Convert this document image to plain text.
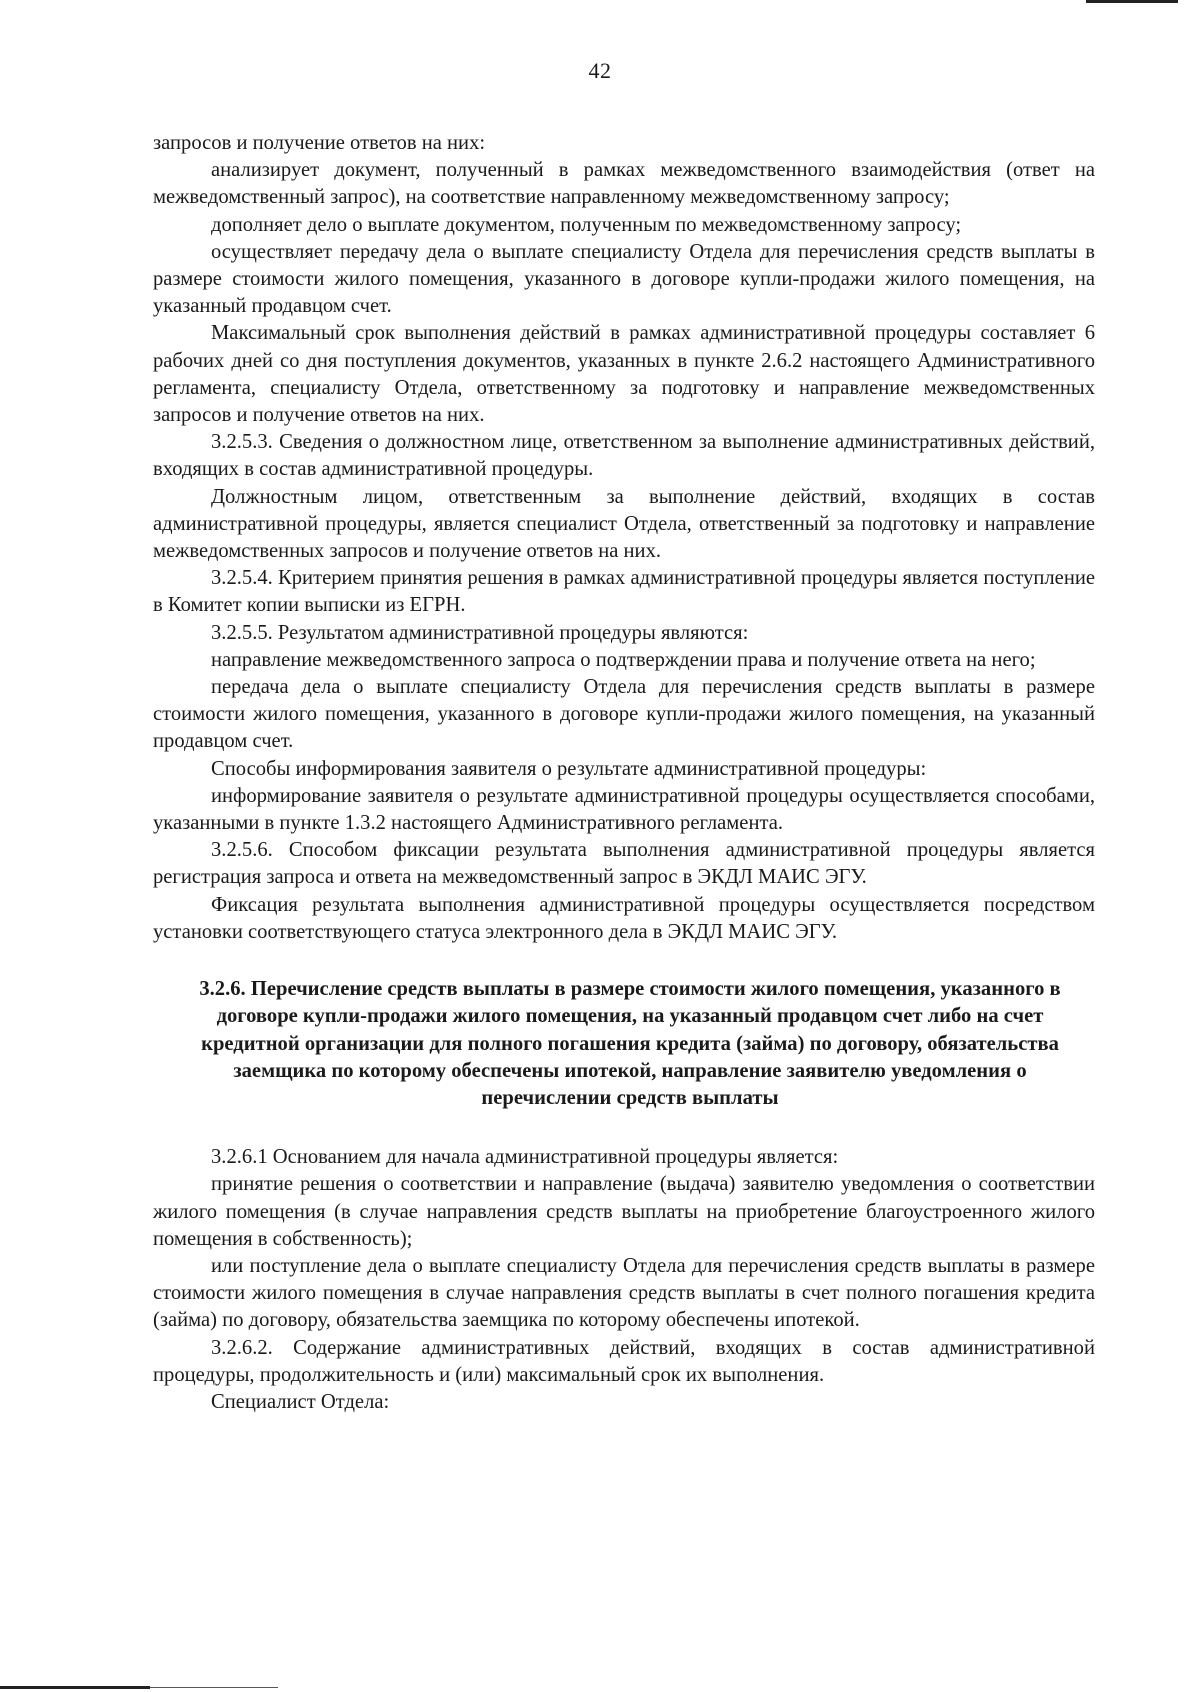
42

запросов и получение ответов на них:

анализирует документ, полученный в рамках межведомственного взаимодействия (ответ на межведомственный запрос), на соответствие направленному межведомственному запросу;

дополняет дело о выплате документом, полученным по межведомственному запросу;

осуществляет передачу дела о выплате специалисту Отдела для перечисления средств выплаты в размере стоимости жилого помещения, указанного в договоре купли-продажи жилого помещения, на указанный продавцом счет.

Максимальный срок выполнения действий в рамках административной процедуры составляет 6 рабочих дней со дня поступления документов, указанных в пункте 2.6.2 настоящего Административного регламента, специалисту Отдела, ответственному за подготовку и направление межведомственных запросов и получение ответов на них.

3.2.5.3. Сведения о должностном лице, ответственном за выполнение административных действий, входящих в состав административной процедуры.

Должностным лицом, ответственным за выполнение действий, входящих в состав административной процедуры, является специалист Отдела, ответственный за подготовку и направление межведомственных запросов и получение ответов на них.

3.2.5.4. Критерием принятия решения в рамках административной процедуры является поступление в Комитет копии выписки из ЕГРН.

3.2.5.5. Результатом административной процедуры являются:

направление межведомственного запроса о подтверждении права и получение ответа на него;

передача дела о выплате специалисту Отдела для перечисления средств выплаты в размере стоимости жилого помещения, указанного в договоре купли-продажи жилого помещения, на указанный продавцом счет.

Способы информирования заявителя о результате административной процедуры:

информирование заявителя о результате административной процедуры осуществляется способами, указанными в пункте 1.3.2 настоящего Административного регламента.

3.2.5.6. Способом фиксации результата выполнения административной процедуры является регистрация запроса и ответа на межведомственный запрос в ЭКДЛ МАИС ЭГУ.

Фиксация результата выполнения административной процедуры осуществляется посредством установки соответствующего статуса электронного дела в ЭКДЛ МАИС ЭГУ.

3.2.6. Перечисление средств выплаты в размере стоимости жилого помещения, указанного в договоре купли-продажи жилого помещения, на указанный продавцом счет либо на счет кредитной организации для полного погашения кредита (займа) по договору, обязательства заемщика по которому обеспечены ипотекой, направление заявителю уведомления о перечислении средств выплаты

3.2.6.1 Основанием для начала административной процедуры является:

принятие решения о соответствии и направление (выдача) заявителю уведомления о соответствии жилого помещения (в случае направления средств выплаты на приобретение благоустроенного жилого помещения в собственность);

или поступление дела о выплате специалисту Отдела для перечисления средств выплаты в размере стоимости жилого помещения в случае направления средств выплаты в счет полного погашения кредита (займа) по договору, обязательства заемщика по которому обеспечены ипотекой.

3.2.6.2. Содержание административных действий, входящих в состав административной процедуры, продолжительность и (или) максимальный срок их выполнения.

Специалист Отдела:
